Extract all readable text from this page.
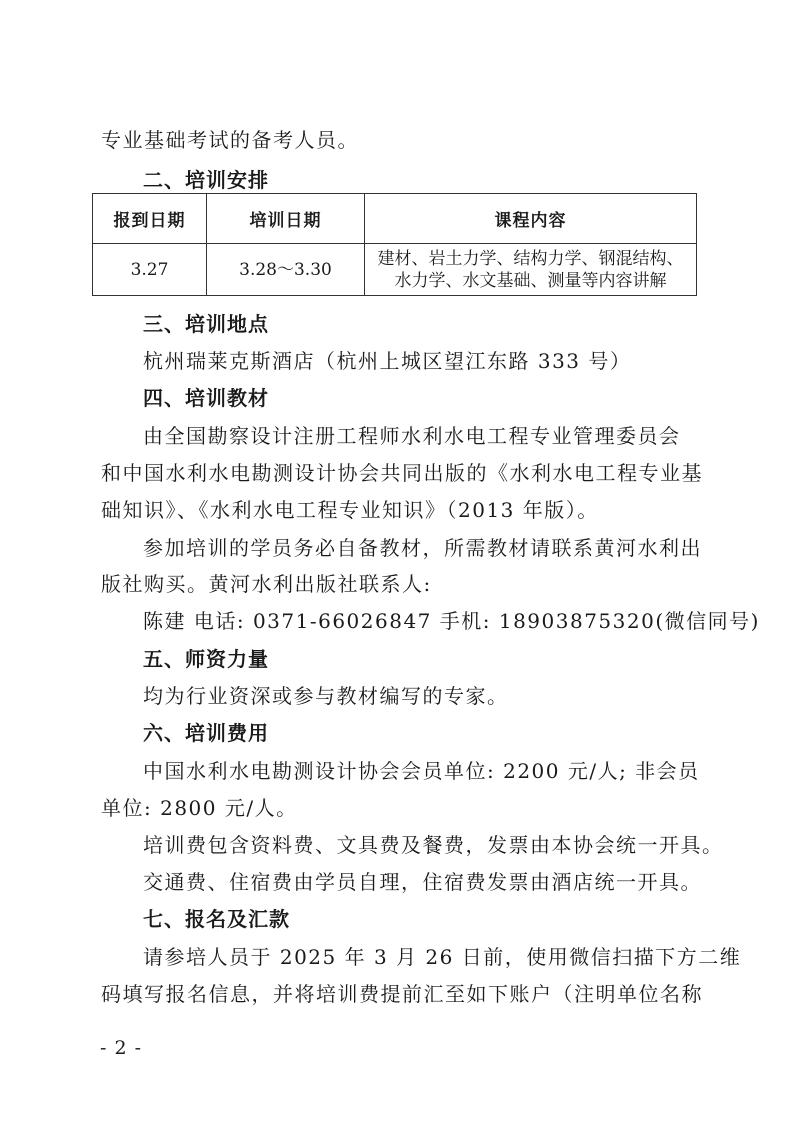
专业基础考试的备考人员。
二、培训安排
报到日期	培训日期	课程内容
3.27	3.28～3.30	建材、岩土力学、结构力学、钢混结构、
水力学、水文基础、测量等内容讲解
三、培训地点
杭州瑞莱克斯酒店（杭州上城区望江东路 333 号）
四、培训教材
由全国勘察设计注册工程师水利水电工程专业管理委员会
和中国水利水电勘测设计协会共同出版的《水利水电工程专业基
础知识》、《水利水电工程专业知识》（2013 年版）。
参加培训的学员务必自备教材，所需教材请联系黄河水利出
版社购买。黄河水利出版社联系人:
陈建 电话: 0371-66026847 手机: 18903875320(微信同号)
五、师资力量
均为行业资深或参与教材编写的专家。
六、培训费用
中国水利水电勘测设计协会会员单位: 2200 元/人; 非会员
单位: 2800 元/人。
培训费包含资料费、文具费及餐费，发票由本协会统一开具。
交通费、住宿费由学员自理，住宿费发票由酒店统一开具。
七、报名及汇款
请参培人员于 2025 年 3 月 26 日前，使用微信扫描下方二维
码填写报名信息，并将培训费提前汇至如下账户（注明单位名称
- 2 -
